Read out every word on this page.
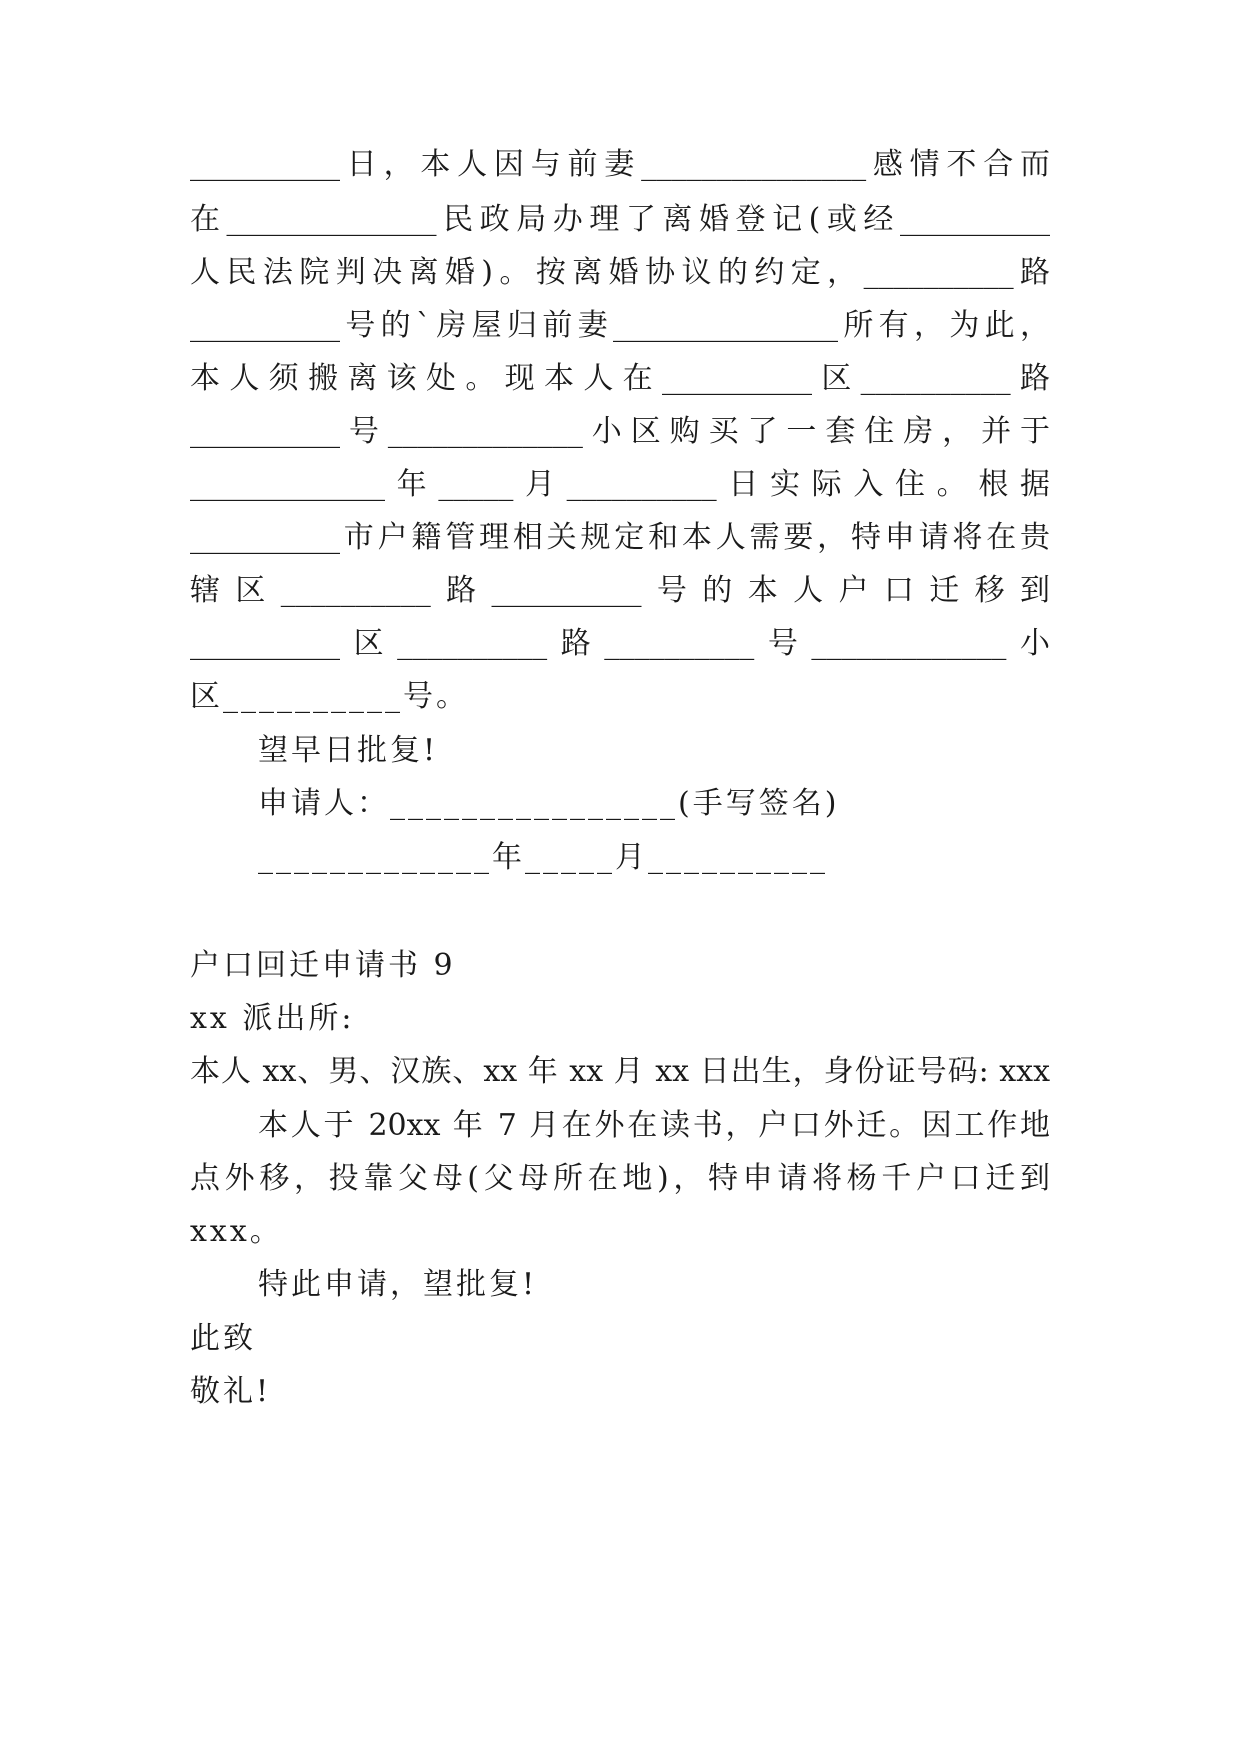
__________日，本人因与前妻_______________感情不合而
在______________民政局办理了离婚登记(或经__________
人民法院判决离婚)。按离婚协议的约定，__________路
__________号的`房屋归前妻_______________所有，为此，
本人须搬离该处。现本人在__________区__________路
__________号_____________小区购买了一套住房，并于
_____________年_____月__________日实际入住。根据
__________市户籍管理相关规定和本人需要，特申请将在贵
辖区__________路__________号的本人户口迁移到
__________区__________路__________号_____________小
区__________号。
望早日批复!
申请人：________________(手写签名)
_____________年_____月__________
户口回迁申请书 9
xx 派出所:
本人 xx、男、汉族、xx 年 xx 月 xx 日出生，身份证号码: xxx
本人于 20xx 年 7 月在外在读书，户口外迁。因工作地
点外移，投靠父母(父母所在地)，特申请将杨千户口迁到
xxx。
特此申请，望批复!
此致
敬礼!
